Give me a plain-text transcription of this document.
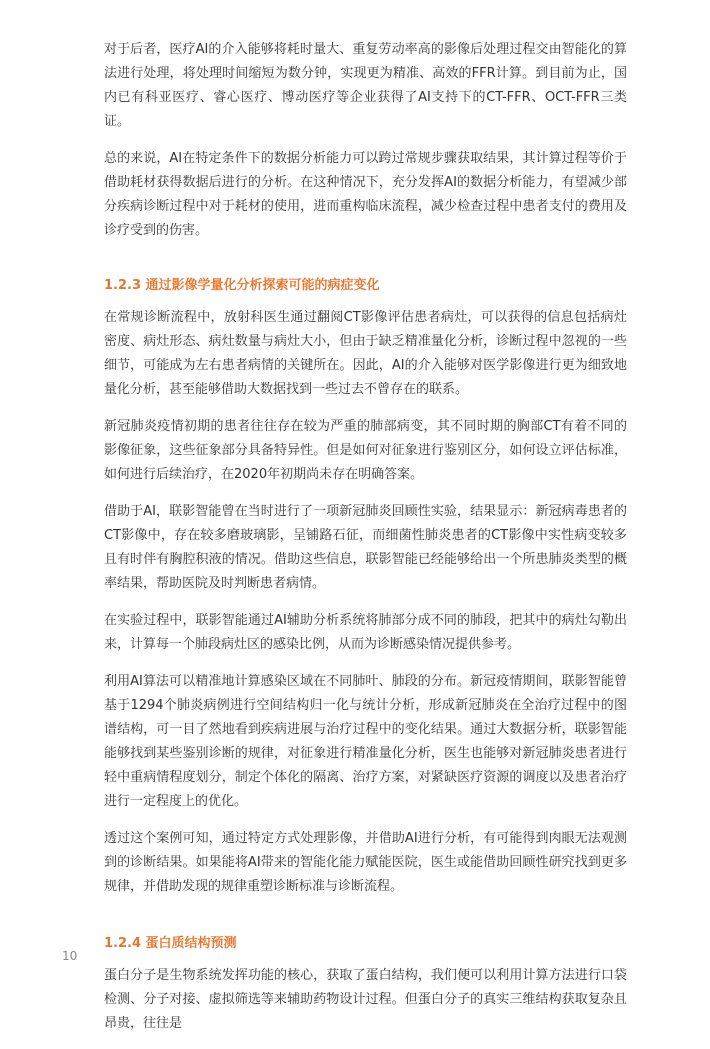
对于后者，医疗AI的介入能够将耗时量大、重复劳动率高的影像后处理过程交由智能化的算法进行处理，将处理时间缩短为数分钟，实现更为精准、高效的FFR计算。到目前为止，国内已有科亚医疗、睿心医疗、博动医疗等企业获得了AI支持下的CT-FFR、OCT-FFR三类证。

总的来说，AI在特定条件下的数据分析能力可以跨过常规步骤获取结果，其计算过程等价于借助耗材获得数据后进行的分析。在这种情况下，充分发挥AI的数据分析能力，有望减少部分疾病诊断过程中对于耗材的使用，进而重构临床流程，减少检查过程中患者支付的费用及诊疗受到的伤害。

1.2.3 通过影像学量化分析探索可能的病症变化

在常规诊断流程中，放射科医生通过翻阅CT影像评估患者病灶，可以获得的信息包括病灶密度、病灶形态、病灶数量与病灶大小，但由于缺乏精准量化分析，诊断过程中忽视的一些细节，可能成为左右患者病情的关键所在。因此，AI的介入能够对医学影像进行更为细致地量化分析，甚至能够借助大数据找到一些过去不曾存在的联系。

新冠肺炎疫情初期的患者往往存在较为严重的肺部病变，其不同时期的胸部CT有着不同的影像征象，这些征象部分具备特异性。但是如何对征象进行鉴别区分，如何设立评估标准，如何进行后续治疗，在2020年初期尚未存在明确答案。

借助于AI，联影智能曾在当时进行了一项新冠肺炎回顾性实验，结果显示：新冠病毒患者的CT影像中，存在较多磨玻璃影，呈铺路石征，而细菌性肺炎患者的CT影像中实性病变较多且有时伴有胸腔积液的情况。借助这些信息，联影智能已经能够给出一个所患肺炎类型的概率结果，帮助医院及时判断患者病情。

在实验过程中，联影智能通过AI辅助分析系统将肺部分成不同的肺段，把其中的病灶勾勒出来，计算每一个肺段病灶区的感染比例，从而为诊断感染情况提供参考。

利用AI算法可以精准地计算感染区域在不同肺叶、肺段的分布。新冠疫情期间，联影智能曾基于1294个肺炎病例进行空间结构归一化与统计分析，形成新冠肺炎在全治疗过程中的图谱结构，可一目了然地看到疾病进展与治疗过程中的变化结果。通过大数据分析，联影智能能够找到某些鉴别诊断的规律，对征象进行精准量化分析，医生也能够对新冠肺炎患者进行轻中重病情程度划分，制定个体化的隔离、治疗方案，对紧缺医疗资源的调度以及患者治疗进行一定程度上的优化。

透过这个案例可知，通过特定方式处理影像，并借助AI进行分析，有可能得到肉眼无法观测到的诊断结果。如果能将AI带来的智能化能力赋能医院，医生或能借助回顾性研究找到更多规律，并借助发现的规律重塑诊断标准与诊断流程。

1.2.4 蛋白质结构预测

蛋白分子是生物系统发挥功能的核心，获取了蛋白结构，我们便可以利用计算方法进行口袋检测、分子对接、虚拟筛选等来辅助药物设计过程。但蛋白分子的真实三维结构获取复杂且昂贵，往往是

10
